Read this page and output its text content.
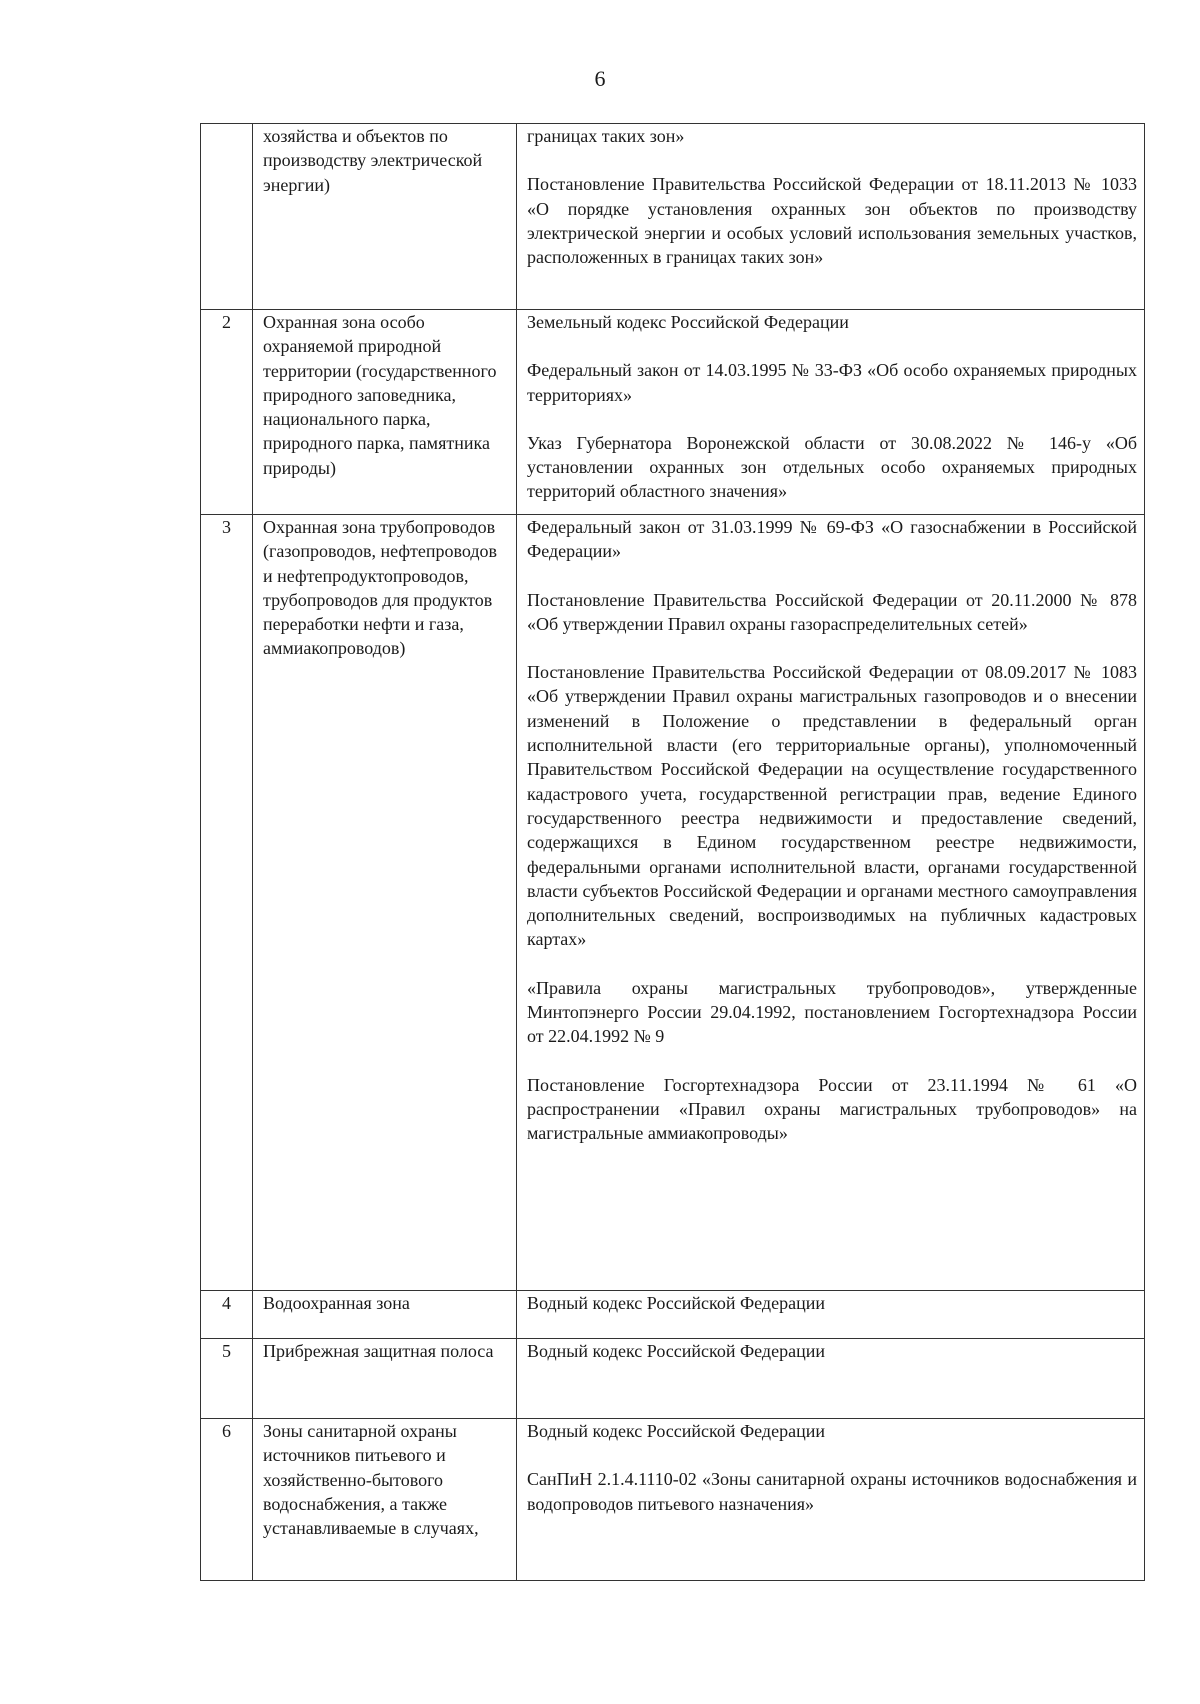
6
	хозяйства и объектов по производству электрической энергии)	границах таких зон»

Постановление Правительства Российской Федерации от 18.11.2013 № 1033 «О порядке установления охранных зон объектов по производству электрической энергии и особых условий использования земельных участков, расположенных в границах таких зон»

2	Охранная зона особо охраняемой природной территории (государственного природного заповедника, национального парка, природного парка, памятника природы)	Земельный кодекс Российской Федерации

Федеральный закон от 14.03.1995 № 33-ФЗ «Об особо охраняемых природных территориях»

Указ Губернатора Воронежской области от 30.08.2022 № 146-у «Об установлении охранных зон отдельных особо охраняемых природных территорий областного значения»

3	Охранная зона трубопроводов (газопроводов, нефтепроводов и нефтепродуктопроводов, трубопроводов для продуктов переработки нефти и газа, аммиакопроводов)	Федеральный закон от 31.03.1999 № 69-ФЗ «О газоснабжении в Российской Федерации»

Постановление Правительства Российской Федерации от 20.11.2000 № 878 «Об утверждении Правил охраны газораспределительных сетей»

Постановление Правительства Российской Федерации от 08.09.2017 № 1083 «Об утверждении Правил охраны магистральных газопроводов и о внесении изменений в Положение о представлении в федеральный орган исполнительной власти (его территориальные органы), уполномоченный Правительством Российской Федерации на осуществление государственного кадастрового учета, государственной регистрации прав, ведение Единого государственного реестра недвижимости и предоставление сведений, содержащихся в Едином государственном реестре недвижимости, федеральными органами исполнительной власти, органами государственной власти субъектов Российской Федерации и органами местного самоуправления дополнительных сведений, воспроизводимых на публичных кадастровых картах»

«Правила охраны магистральных трубопроводов», утвержденные Минтопэнерго России 29.04.1992, постановлением Госгортехнадзора России от 22.04.1992 № 9

Постановление Госгортехнадзора России от 23.11.1994 № 61 «О распространении «Правил охраны магистральных трубопроводов» на магистральные аммиакопроводы»

4	Водоохранная зона	Водный кодекс Российской Федерации

5	Прибрежная защитная полоса	Водный кодекс Российской Федерации

6	Зоны санитарной охраны источников питьевого и хозяйственно-бытового водоснабжения, а также устанавливаемые в случаях,	Водный кодекс Российской Федерации

СанПиН 2.1.4.1110-02 «Зоны санитарной охраны источников водоснабжения и водопроводов питьевого назначения»
